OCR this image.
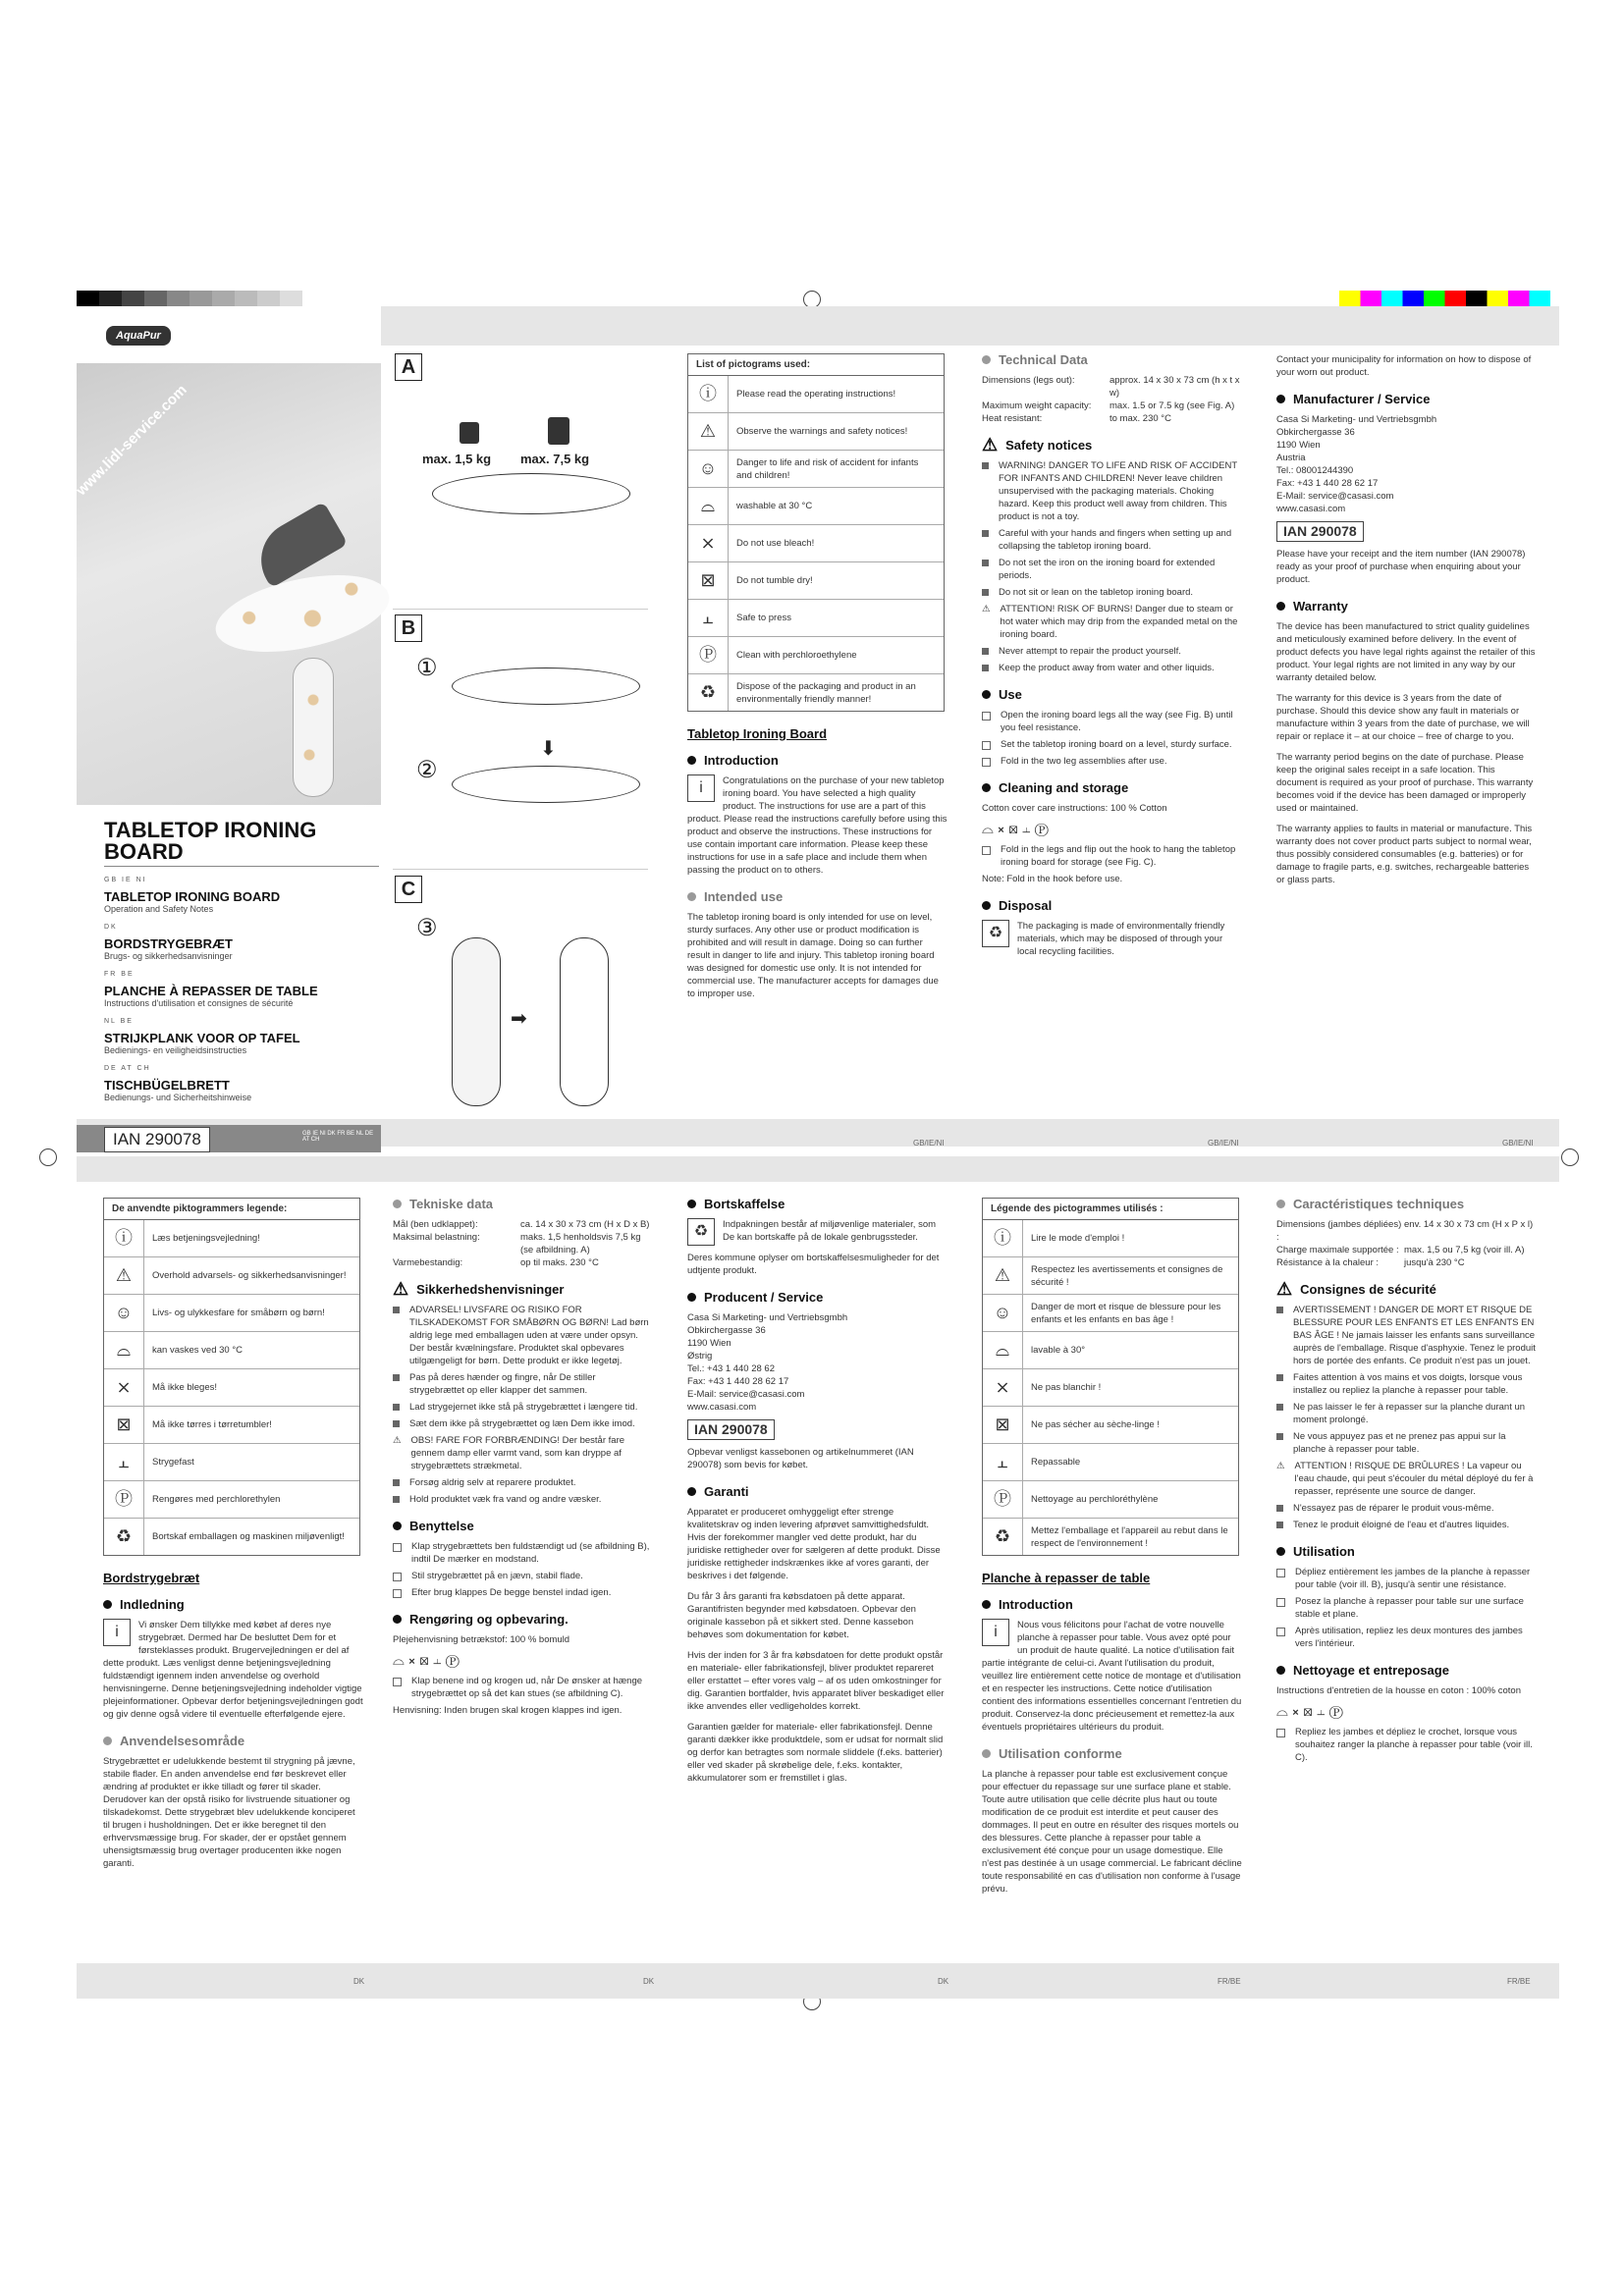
AquaPur
www.lidl-service.com
TABLETOP IRONING BOARD
GB IE NI
TABLETOP IRONING BOARD
Operation and Safety Notes
DK
BORDSTRYGEBRÆT
Brugs- og sikkerhedsanvisninger
FR BE
PLANCHE À REPASSER DE TABLE
Instructions d'utilisation et consignes de sécurité
NL BE
STRIJKPLANK VOOR OP TAFEL
Bedienings- en veiligheidsinstructies
DE AT CH
TISCHBÜGELBRETT
Bedienungs- und Sicherheitshinweise
IAN 290078	GB IE NI DK FR BE NL DE AT CH
A
max. 1,5 kg max. 7,5 kg
B
①
⬇
②
C
③
➡
List of pictograms used:
ⓘ	Please read the operating instructions!
⚠	Observe the warnings and safety notices!
☺	Danger to life and risk of accident for infants and children!
⌓	washable at 30 °C
⨯	Do not use bleach!
⊠	Do not tumble dry!
⫠	Safe to press
Ⓟ	Clean with perchloroethylene
♻	Dispose of the packaging and product in an environmentally friendly manner!
Tabletop Ironing Board
Introduction

i	Congratulations on the purchase of your new tabletop ironing board. You have selected a high quality product. The instructions for use are a part of this product. Please read the instructions carefully before using this product and observe the instructions. These instructions for use contain important care information. Please keep these instructions for use in a safe place and include them when passing the product on to others.

Intended use

The tabletop ironing board is only intended for use on level, sturdy surfaces. Any other use or product modification is prohibited and will result in damage. Doing so can further result in danger to life and injury. This tabletop ironing board was designed for domestic use only. It is not intended for commercial use. The manufacturer accepts for damages due to improper use.

Technical Data
Dimensions (legs out):	approx. 14 x 30 x 73 cm (h x t x w)
Maximum weight capacity:	max. 1.5 or 7.5 kg (see Fig. A)
Heat resistant:	to max. 230 °C
⚠ Safety notices
WARNING! DANGER TO LIFE AND RISK OF ACCIDENT FOR INFANTS AND CHILDREN! Never leave children unsupervised with the packaging materials. Choking hazard. Keep this product well away from children. This product is not a toy.
Careful with your hands and fingers when setting up and collapsing the tabletop ironing board.
Do not set the iron on the ironing board for extended periods.
Do not sit or lean on the tabletop ironing board.
⚠ ATTENTION! RISK OF BURNS! Danger due to steam or hot water which may drip from the expanded metal on the ironing board.
Never attempt to repair the product yourself.
Keep the product away from water and other liquids.
Use
Open the ironing board legs all the way (see Fig. B) until you feel resistance.
Set the tabletop ironing board on a level, sturdy surface.
Fold in the two leg assemblies after use.
Cleaning and storage

Cotton cover care instructions: 100 % Cotton

⌓ ⨯ ⊠ ⫠ Ⓟ

Fold in the legs and flip out the hook to hang the tabletop ironing board for storage (see Fig. C).

Note: Fold in the hook before use.

Disposal

♻	The packaging is made of environmentally friendly materials, which may be disposed of through your local recycling facilities.

Contact your municipality for information on how to dispose of your worn out product.

Manufacturer / Service
Casa Si Marketing- und Vertriebsgmbh
Obkirchergasse 36
1190 Wien
Austria
Tel.: 08001244390
Fax: +43 1 440 28 62 17
E-Mail: service@casasi.com
www.casasi.com
IAN 290078

Please have your receipt and the item number (IAN 290078) ready as your proof of purchase when enquiring about your product.

Warranty

The device has been manufactured to strict quality guidelines and meticulously examined before delivery. In the event of product defects you have legal rights against the retailer of this product. Your legal rights are not limited in any way by our warranty detailed below.

The warranty for this device is 3 years from the date of purchase. Should this device show any fault in materials or manufacture within 3 years from the date of purchase, we will repair or replace it – at our choice – free of charge to you.

The warranty period begins on the date of purchase. Please keep the original sales receipt in a safe location. This document is required as your proof of purchase. This warranty becomes void if the device has been damaged or improperly used or maintained.

The warranty applies to faults in material or manufacture. This warranty does not cover product parts subject to normal wear, thus possibly considered consumables (e.g. batteries) or for damage to fragile parts, e.g. switches, rechargeable batteries or glass parts.

GB/IE/NI	GB/IE/NI	GB/IE/NI
De anvendte piktogrammers legende:
ⓘ	Læs betjeningsvejledning!
⚠	Overhold advarsels- og sikkerhedsanvisninger!
☺	Livs- og ulykkesfare for småbørn og børn!
⌓	kan vaskes ved 30 °C
⨯	Må ikke bleges!
⊠	Må ikke tørres i tørretumbler!
⫠	Strygefast
Ⓟ	Rengøres med perchlorethylen
♻	Bortskaf emballagen og maskinen miljøvenligt!
Bordstrygebræt
Indledning

i	Vi ønsker Dem tillykke med købet af deres nye strygebræt. Dermed har De besluttet Dem for et førsteklasses produkt. Brugervejledningen er del af dette produkt. Læs venligst denne betjeningsvejledning fuldstændigt igennem inden anvendelse og overhold henvisningerne. Denne betjeningsvejledning indeholder vigtige plejeinformationer. Opbevar derfor betjeningsvejledningen godt og giv denne også videre til eventuelle efterfølgende ejere.

Anvendelsesområde

Strygebrættet er udelukkende bestemt til strygning på jævne, stabile flader. En anden anvendelse end før beskrevet eller ændring af produktet er ikke tilladt og fører til skader. Derudover kan der opstå risiko for livstruende situationer og tilskadekomst. Dette strygebræt blev udelukkende konciperet til brugen i husholdningen. Det er ikke beregnet til den erhvervsmæssige brug. For skader, der er opstået gennem uhensigtsmæssig brug overtager producenten ikke nogen garanti.

Tekniske data
Mål (ben udklappet):	ca. 14 x 30 x 73 cm (H x D x B)
Maksimal belastning:	maks. 1,5 henholdsvis 7,5 kg (se afbildning. A)
Varmebestandig:	op til maks. 230 °C
⚠ Sikkerhedshenvisninger
ADVARSEL! LIVSFARE OG RISIKO FOR TILSKADEKOMST FOR SMÅBØRN OG BØRN! Lad børn aldrig lege med emballagen uden at være under opsyn. Der består kvælningsfare. Produktet skal opbevares utilgængeligt for børn. Dette produkt er ikke legetøj.
Pas på deres hænder og fingre, når De stiller strygebrættet op eller klapper det sammen.
Lad strygejernet ikke stå på strygebrættet i længere tid.
Sæt dem ikke på strygebrættet og læn Dem ikke imod.
⚠ OBS! FARE FOR FORBRÆNDING! Der består fare gennem damp eller varmt vand, som kan dryppe af strygebrættets strækmetal.
Forsøg aldrig selv at reparere produktet.
Hold produktet væk fra vand og andre væsker.
Benyttelse
Klap strygebrættets ben fuldstændigt ud (se afbildning B), indtil De mærker en modstand.
Stil strygebrættet på en jævn, stabil flade.
Efter brug klappes De begge benstel indad igen.
Rengøring og opbevaring.

Plejehenvisning betrækstof: 100 % bomuld

⌓ ⨯ ⊠ ⫠ Ⓟ

Klap benene ind og krogen ud, når De ønsker at hænge strygebrættet op så det kan stues (se afbildning C).

Henvisning: Inden brugen skal krogen klappes ind igen.

Bortskaffelse

♻	Indpakningen består af miljøvenlige materialer, som De kan bortskaffe på de lokale genbrugssteder.

Deres kommune oplyser om bortskaffelsesmuligheder for det udtjente produkt.

Producent / Service
Casa Si Marketing- und Vertriebsgmbh
Obkirchergasse 36
1190 Wien
Østrig
Tel.: +43 1 440 28 62
Fax: +43 1 440 28 62 17
E-Mail: service@casasi.com
www.casasi.com
IAN 290078

Opbevar venligst kassebonen og artikelnummeret (IAN 290078) som bevis for købet.

Garanti

Apparatet er produceret omhyggeligt efter strenge kvalitetskrav og inden levering afprøvet samvittighedsfuldt. Hvis der forekommer mangler ved dette produkt, har du juridiske rettigheder over for sælgeren af dette produkt. Disse juridiske rettigheder indskrænkes ikke af vores garanti, der beskrives i det følgende.

Du får 3 års garanti fra købsdatoen på dette apparat. Garantifristen begynder med købsdatoen. Opbevar den originale kassebon på et sikkert sted. Denne kassebon behøves som dokumentation for købet.

Hvis der inden for 3 år fra købsdatoen for dette produkt opstår en materiale- eller fabrikationsfejl, bliver produktet repareret eller erstattet – efter vores valg – af os uden omkostninger for dig. Garantien bortfalder, hvis apparatet bliver beskadiget eller ikke anvendes eller vedligeholdes korrekt.

Garantien gælder for materiale- eller fabrikationsfejl. Denne garanti dækker ikke produktdele, som er udsat for normalt slid og derfor kan betragtes som normale sliddele (f.eks. batterier) eller ved skader på skrøbelige dele, f.eks. kontakter, akkumulatorer som er fremstillet i glas.

Légende des pictogrammes utilisés :
ⓘ	Lire le mode d'emploi !
⚠	Respectez les avertissements et consignes de sécurité !
☺	Danger de mort et risque de blessure pour les enfants et les enfants en bas âge !
⌓	lavable à 30°
⨯	Ne pas blanchir !
⊠	Ne pas sécher au sèche-linge !
⫠	Repassable
Ⓟ	Nettoyage au perchloréthylène
♻	Mettez l'emballage et l'appareil au rebut dans le respect de l'environnement !
Planche à repasser de table
Introduction

i	Nous vous félicitons pour l'achat de votre nouvelle planche à repasser pour table. Vous avez opté pour un produit de haute qualité. La notice d'utilisation fait partie intégrante de celui-ci. Avant l'utilisation du produit, veuillez lire entièrement cette notice de montage et d'utilisation et en respecter les instructions. Cette notice d'utilisation contient des informations essentielles concernant l'entretien du produit. Conservez-la donc précieusement et remettez-la aux éventuels propriétaires ultérieurs du produit.

Utilisation conforme

La planche à repasser pour table est exclusivement conçue pour effectuer du repassage sur une surface plane et stable. Toute autre utilisation que celle décrite plus haut ou toute modification de ce produit est interdite et peut causer des dommages. Il peut en outre en résulter des risques mortels ou des blessures. Cette planche à repasser pour table a exclusivement été conçue pour un usage domestique. Elle n'est pas destinée à un usage commercial. Le fabricant décline toute responsabilité en cas d'utilisation non conforme à l'usage prévu.

Caractéristiques techniques
Dimensions (jambes dépliées) :
env. 14 x 30 x 73 cm (H x P x l)
Charge maximale supportée : max. 1,5 ou 7,5 kg (voir ill. A)
Résistance à la chaleur :	jusqu'à 230 °C
⚠ Consignes de sécurité
AVERTISSEMENT ! DANGER DE MORT ET RISQUE DE BLESSURE POUR LES ENFANTS ET LES ENFANTS EN BAS ÂGE ! Ne jamais laisser les enfants sans surveillance auprès de l'emballage. Risque d'asphyxie. Tenez le produit hors de portée des enfants. Ce produit n'est pas un jouet.
Faites attention à vos mains et vos doigts, lorsque vous installez ou repliez la planche à repasser pour table.
Ne pas laisser le fer à repasser sur la planche durant un moment prolongé.
Ne vous appuyez pas et ne prenez pas appui sur la planche à repasser pour table.
⚠ ATTENTION ! RISQUE DE BRÛLURES ! La vapeur ou l'eau chaude, qui peut s'écouler du métal déployé du fer à repasser, représente une source de danger.
N'essayez pas de réparer le produit vous-même.
Tenez le produit éloigné de l'eau et d'autres liquides.
Utilisation
Dépliez entièrement les jambes de la planche à repasser pour table (voir ill. B), jusqu'à sentir une résistance.
Posez la planche à repasser pour table sur une surface stable et plane.
Après utilisation, repliez les deux montures des jambes vers l'intérieur.
Nettoyage et entreposage

Instructions d'entretien de la housse en coton : 100% coton

⌓ ⨯ ⊠ ⫠ Ⓟ

Repliez les jambes et dépliez le crochet, lorsque vous souhaitez ranger la planche à repasser pour table (voir ill. C).
DK	DK	DK	FR/BE	FR/BE
